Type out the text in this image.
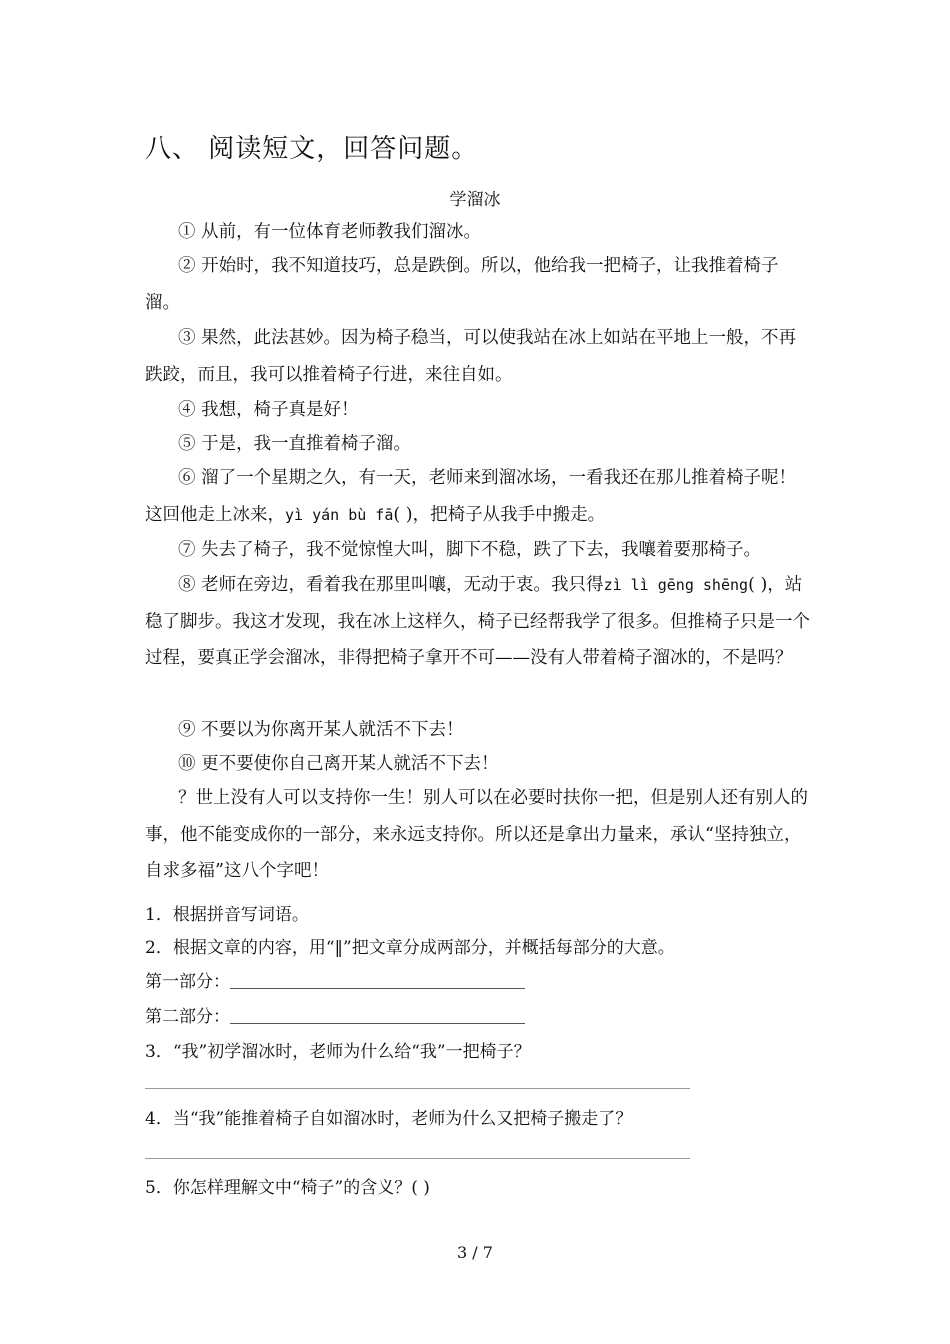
八、 阅读短文，回答问题。
学溜冰
① 从前，有一位体育老师教我们溜冰。
② 开始时，我不知道技巧，总是跌倒。所以，他给我一把椅子，让我推着椅子溜。
③ 果然，此法甚妙。因为椅子稳当，可以使我站在冰上如站在平地上一般，不再跌跤，而且，我可以推着椅子行进，来往自如。
④ 我想，椅子真是好！
⑤ 于是，我一直推着椅子溜。
⑥ 溜了一个星期之久，有一天，老师来到溜冰场，一看我还在那儿推着椅子呢！这回他走上冰来，yì yán bù fā( )，把椅子从我手中搬走。
⑦ 失去了椅子，我不觉惊惶大叫，脚下不稳，跌了下去，我嚷着要那椅子。
⑧ 老师在旁边，看着我在那里叫嚷，无动于衷。我只得zì lì gēng shēng( )，站稳了脚步。我这才发现，我在冰上这样久，椅子已经帮我学了很多。但推椅子只是一个过程，要真正学会溜冰，非得把椅子拿开不可——没有人带着椅子溜冰的，不是吗？
⑨ 不要以为你离开某人就活不下去！
⑩ 更不要使你自己离开某人就活不下去！
？世上没有人可以支持你一生！别人可以在必要时扶你一把，但是别人还有别人的事，他不能变成你的一部分，来永远支持你。所以还是拿出力量来，承认“坚持独立，自求多福”这八个字吧！
1．根据拼音写词语。
2．根据文章的内容，用“‖”把文章分成两部分，并概括每部分的大意。
第一部分：
第二部分：
3．“我”初学溜冰时，老师为什么给“我”一把椅子？
4．当“我”能推着椅子自如溜冰时，老师为什么又把椅子搬走了？
5．你怎样理解文中“椅子”的含义？( )
3 / 7
